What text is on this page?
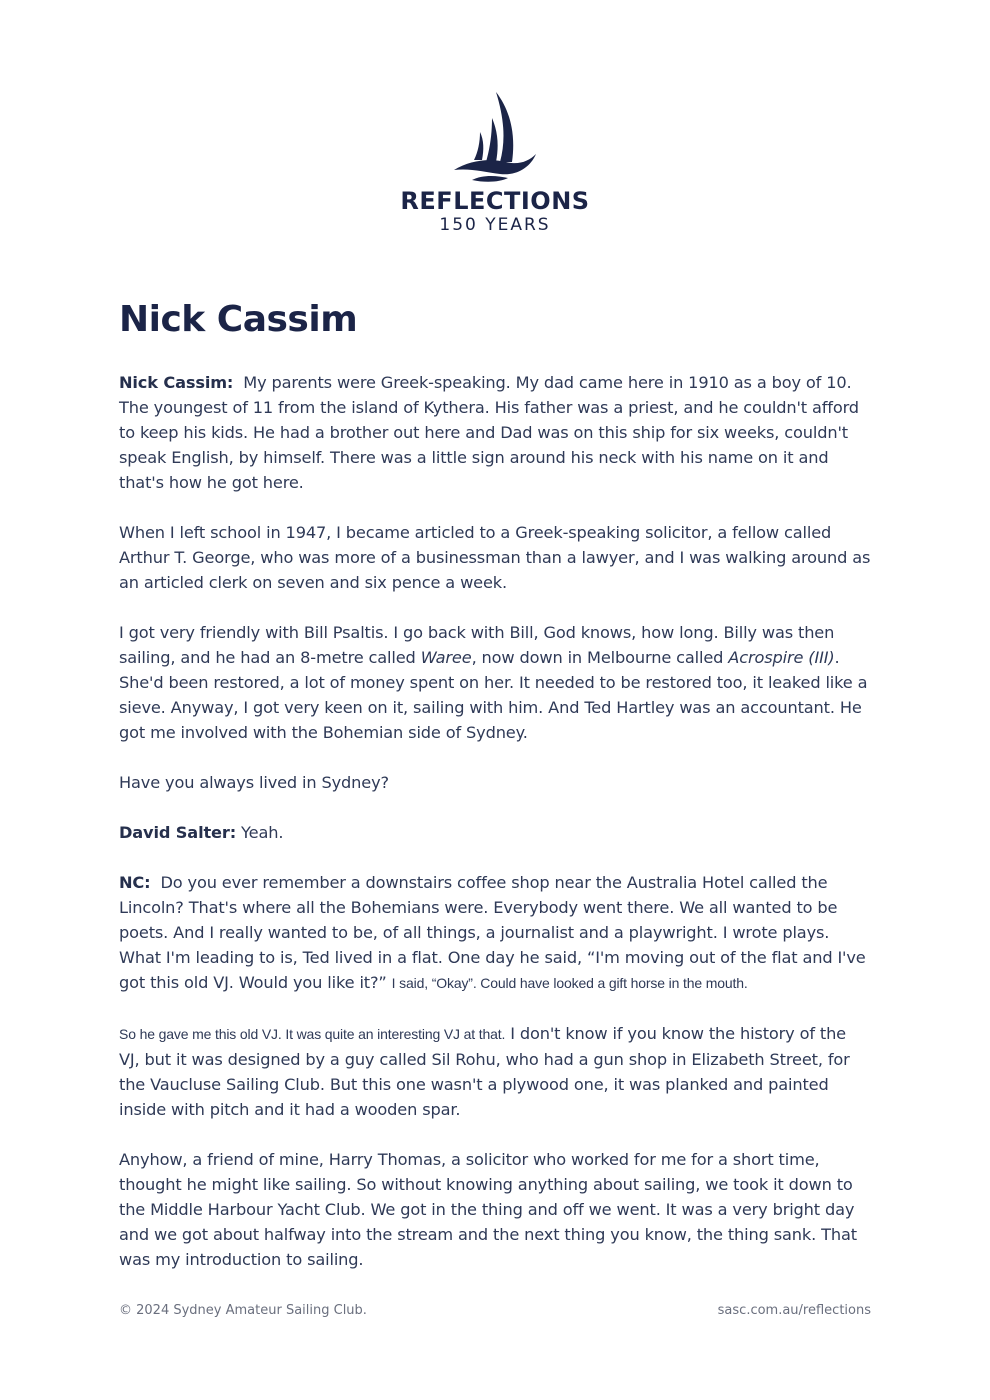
REFLECTIONS
150 YEARS
Nick Cassim

Nick Cassim: My parents were Greek-speaking. My dad came here in 1910 as a boy of 10. The youngest of 11 from the island of Kythera. His father was a priest, and he couldn't afford to keep his kids. He had a brother out here and Dad was on this ship for six weeks, couldn't speak English, by himself. There was a little sign around his neck with his name on it and that's how he got here.

When I left school in 1947, I became articled to a Greek-speaking solicitor, a fellow called Arthur T. George, who was more of a businessman than a lawyer, and I was walking around as an articled clerk on seven and six pence a week.

I got very friendly with Bill Psaltis. I go back with Bill, God knows, how long. Billy was then sailing, and he had an 8-metre called Waree, now down in Melbourne called Acrospire (III). She'd been restored, a lot of money spent on her. It needed to be restored too, it leaked like a sieve. Anyway, I got very keen on it, sailing with him. And Ted Hartley was an accountant. He got me involved with the Bohemian side of Sydney.

Have you always lived in Sydney?

David Salter: Yeah.

NC: Do you ever remember a downstairs coffee shop near the Australia Hotel called the Lincoln? That's where all the Bohemians were. Everybody went there. We all wanted to be poets. And I really wanted to be, of all things, a journalist and a playwright. I wrote plays. What I'm leading to is, Ted lived in a flat. One day he said, “I'm moving out of the flat and I've got this old VJ. Would you like it?” I said, “Okay”. Could have looked a gift horse in the mouth.

So he gave me this old VJ. It was quite an interesting VJ at that. I don't know if you know the history of the VJ, but it was designed by a guy called Sil Rohu, who had a gun shop in Elizabeth Street, for the Vaucluse Sailing Club. But this one wasn't a plywood one, it was planked and painted inside with pitch and it had a wooden spar.

Anyhow, a friend of mine, Harry Thomas, a solicitor who worked for me for a short time, thought he might like sailing. So without knowing anything about sailing, we took it down to the Middle Harbour Yacht Club. We got in the thing and off we went. It was a very bright day and we got about halfway into the stream and the next thing you know, the thing sank. That was my introduction to sailing.

© 2024 Sydney Amateur Sailing Club.	sasc.com.au/reflections
